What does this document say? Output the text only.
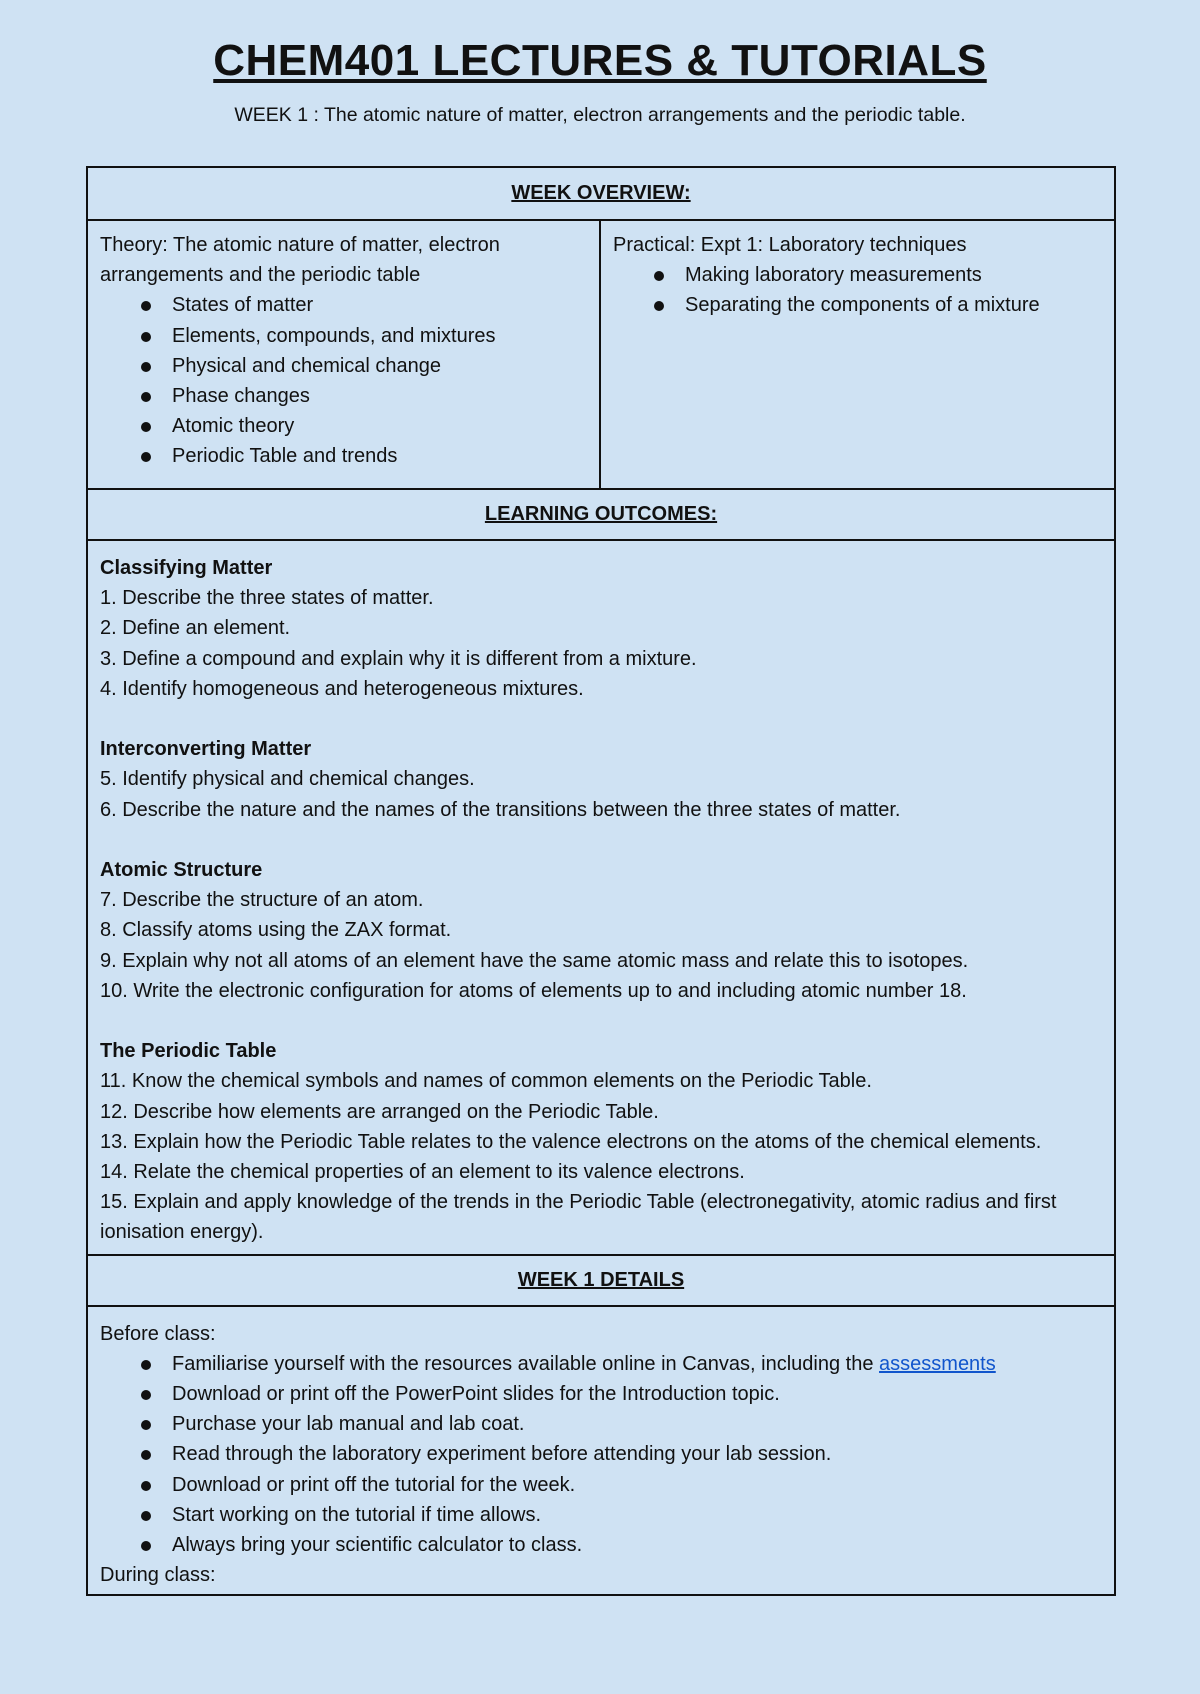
CHEM401 LECTURES & TUTORIALS
WEEK 1 : The atomic nature of matter, electron arrangements and the periodic table.
WEEK OVERVIEW:
Theory: The atomic nature of matter, electron arrangements and the periodic table
States of matter
Elements, compounds, and mixtures
Physical and chemical change
Phase changes
Atomic theory
Periodic Table and trends
Practical: Expt 1: Laboratory techniques
Making laboratory measurements
Separating the components of a mixture
LEARNING OUTCOMES:
Classifying Matter
1. Describe the three states of matter.
2. Define an element.
3. Define a compound and explain why it is different from a mixture.
4. Identify homogeneous and heterogeneous mixtures.
Interconverting Matter
5. Identify physical and chemical changes.
6. Describe the nature and the names of the transitions between the three states of matter.
Atomic Structure
7. Describe the structure of an atom.
8. Classify atoms using the ZAX format.
9. Explain why not all atoms of an element have the same atomic mass and relate this to isotopes.
10. Write the electronic configuration for atoms of elements up to and including atomic number 18.
The Periodic Table
11. Know the chemical symbols and names of common elements on the Periodic Table.
12. Describe how elements are arranged on the Periodic Table.
13. Explain how the Periodic Table relates to the valence electrons on the atoms of the chemical elements.
14. Relate the chemical properties of an element to its valence electrons.
15. Explain and apply knowledge of the trends in the Periodic Table (electronegativity, atomic radius and first ionisation energy).
WEEK 1 DETAILS
Before class:
Familiarise yourself with the resources available online in Canvas, including the assessments
Download or print off the PowerPoint slides for the Introduction topic.
Purchase your lab manual and lab coat.
Read through the laboratory experiment before attending your lab session.
Download or print off the tutorial for the week.
Start working on the tutorial if time allows.
Always bring your scientific calculator to class.
During class:
